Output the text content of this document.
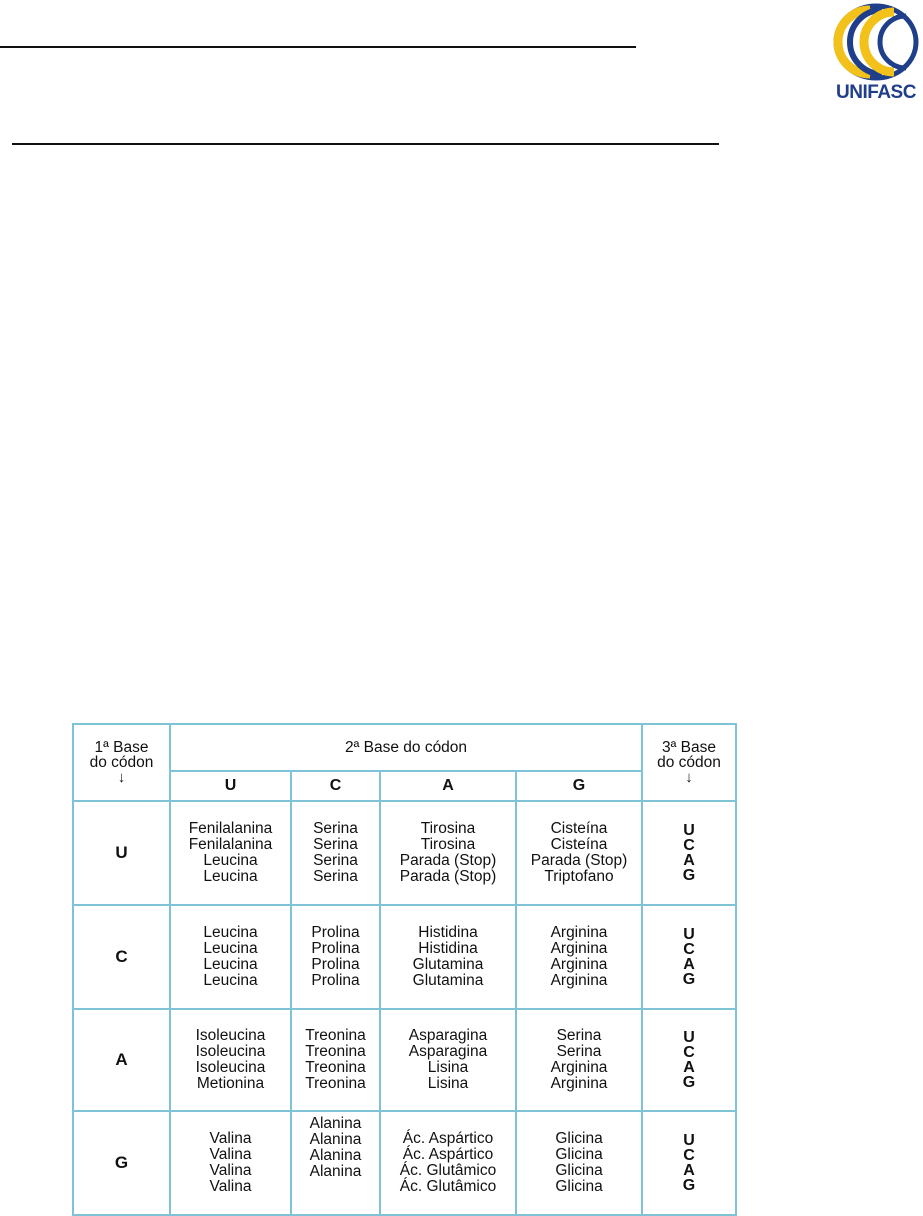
UNIFASC
1ª Base
do códon
↓	2ª Base do códon				3ª Base
do códon
↓

	U	C	A	G	
U	Fenilalanina
Fenilalanina
Leucina
Leucina	Serina
Serina
Serina
Serina	Tirosina
Tirosina
Parada (Stop)
Parada (Stop)	Cisteína
Cisteína
Parada (Stop)
Triptofano	U
C
A
G

C	Leucina
Leucina
Leucina
Leucina	Prolina
Prolina
Prolina
Prolina	Histidina
Histidina
Glutamina
Glutamina	Arginina
Arginina
Arginina
Arginina	U
C
A
G

A	Isoleucina
Isoleucina
Isoleucina
Metionina	Treonina
Treonina
Treonina
Treonina	Asparagina
Asparagina
Lisina
Lisina	Serina
Serina
Arginina
Arginina	U
C
A
G

G	Valina
Valina
Valina
Valina	Alanina
Alanina
Alanina
Alanina	Ác. Aspártico
Ác. Aspártico
Ác. Glutâmico
Ác. Glutâmico	Glicina
Glicina
Glicina
Glicina	U
C
A
G
